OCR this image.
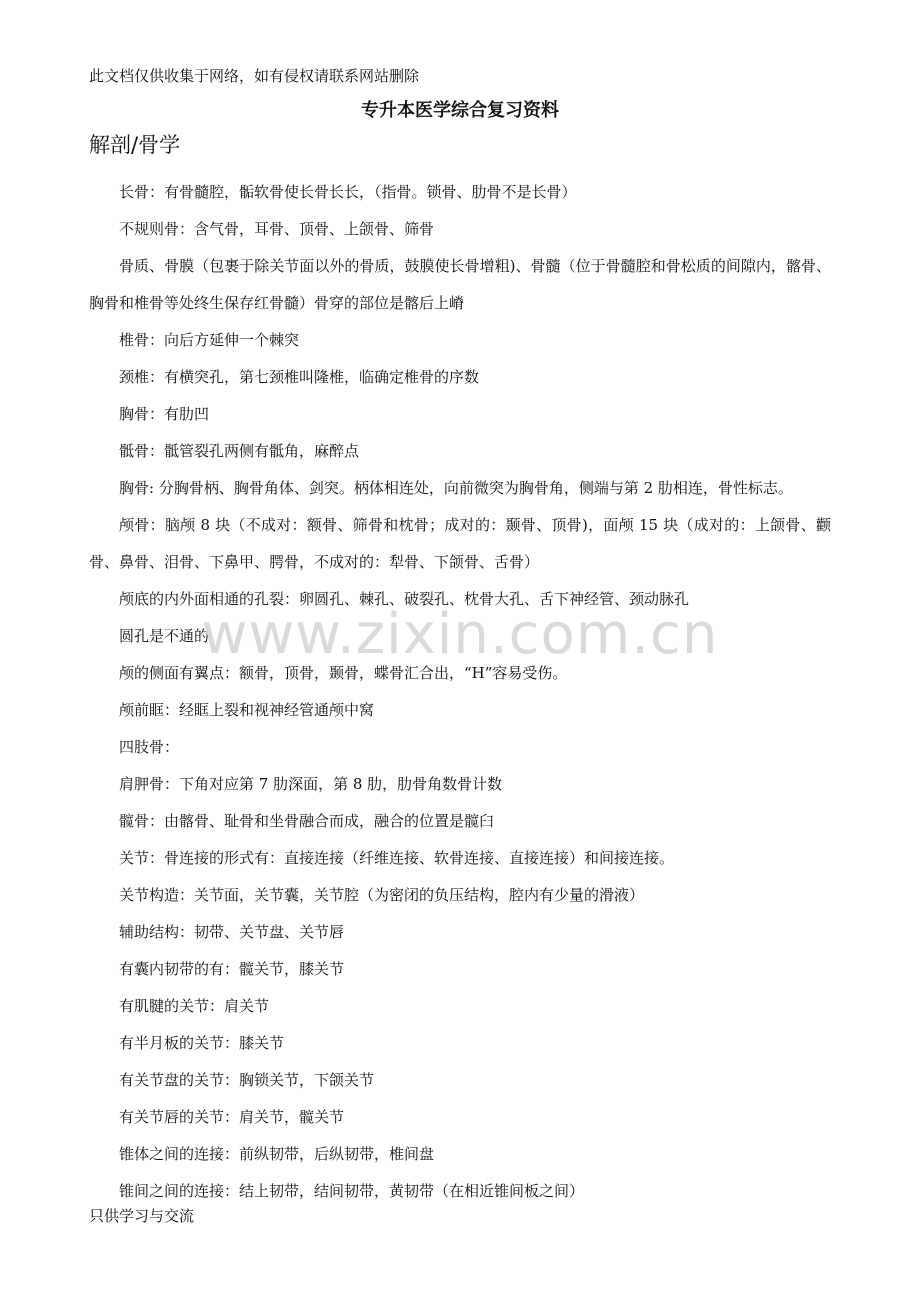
此文档仅供收集于网络，如有侵权请联系网站删除
专升本医学综合复习资料
解剖/骨学

长骨：有骨髓腔，骺软骨使长骨长长，（指骨。锁骨、肋骨不是长骨）

不规则骨：含气骨，耳骨、顶骨、上颌骨、筛骨

骨质、骨膜（包裹于除关节面以外的骨质，鼓膜使长骨增粗)、骨髓（位于骨髓腔和骨松质的间隙内，髂骨、胸骨和椎骨等处终生保存红骨髓）骨穿的部位是髂后上嵴

椎骨：向后方延伸一个棘突

颈椎：有横突孔，第七颈椎叫隆椎，临确定椎骨的序数

胸骨：有肋凹

骶骨：骶管裂孔两侧有骶角，麻醉点

胸骨: 分胸骨柄、胸骨角体、剑突。柄体相连处，向前微突为胸骨角，侧端与第 2 肋相连，骨性标志。

颅骨：脑颅 8 块（不成对：额骨、筛骨和枕骨；成对的：颞骨、顶骨)，面颅 15 块（成对的：上颌骨、颧骨、鼻骨、泪骨、下鼻甲、腭骨，不成对的：犁骨、下颌骨、舌骨）

颅底的内外面相通的孔裂：卵圆孔、棘孔、破裂孔、枕骨大孔、舌下神经管、颈动脉孔

圆孔是不通的

颅的侧面有翼点：额骨，顶骨，颞骨，蝶骨汇合出，“H”容易受伤。

颅前眶：经眶上裂和视神经管通颅中窝

四肢骨：

肩胛骨：下角对应第 7 肋深面，第 8 肋，肋骨角数骨计数

髋骨：由髂骨、耻骨和坐骨融合而成，融合的位置是髋臼

关节：骨连接的形式有：直接连接（纤维连接、软骨连接、直接连接）和间接连接。

关节构造：关节面，关节囊，关节腔（为密闭的负压结构，腔内有少量的滑液）

辅助结构：韧带、关节盘、关节唇

有囊内韧带的有：髋关节，膝关节

有肌腱的关节：肩关节

有半月板的关节：膝关节

有关节盘的关节：胸锁关节，下颌关节

有关节唇的关节：肩关节，髋关节

锥体之间的连接：前纵韧带，后纵韧带，椎间盘

锥间之间的连接：结上韧带，结间韧带，黄韧带（在相近锥间板之间）

www.zixin.com.cn
只供学习与交流
